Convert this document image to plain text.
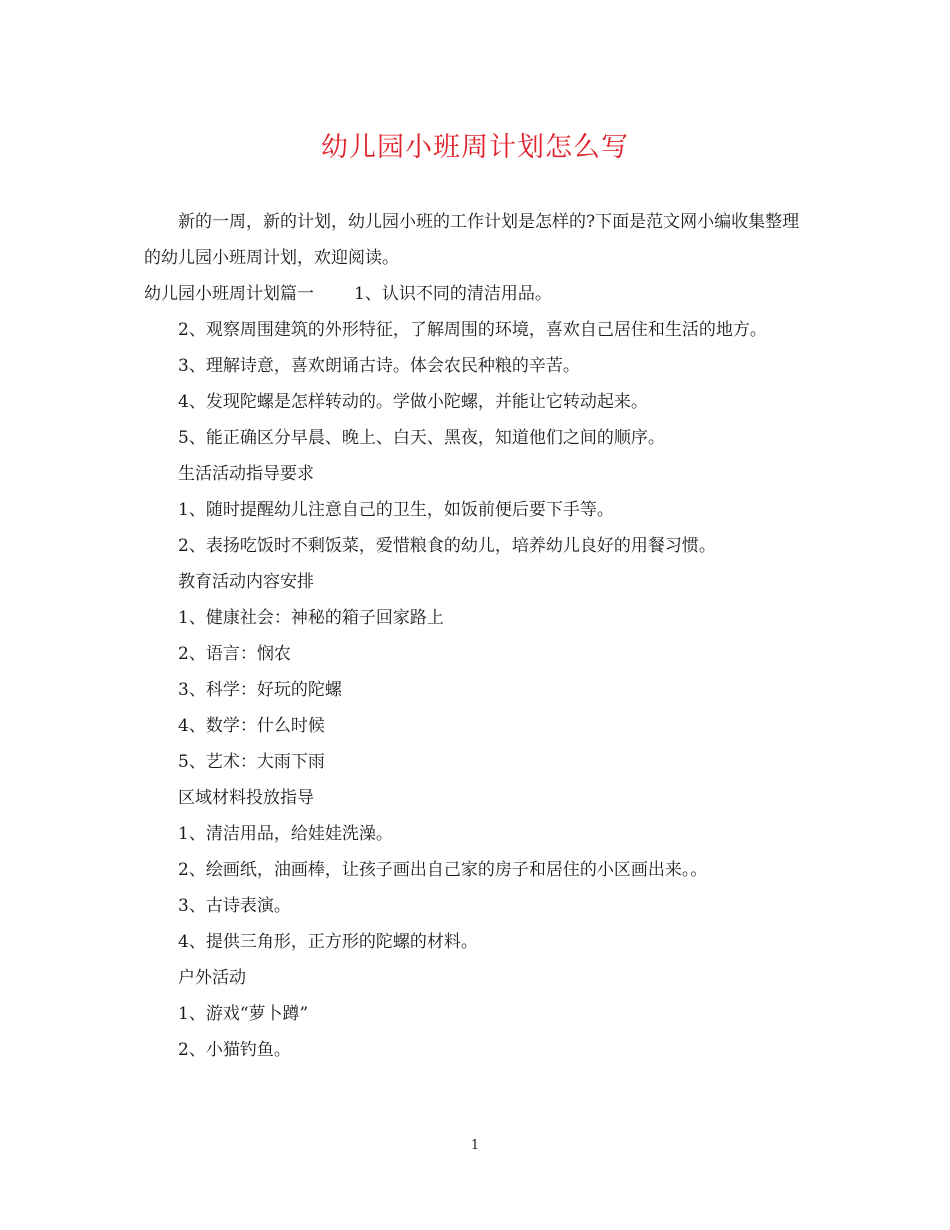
幼儿园小班周计划怎么写

新的一周，新的计划，幼儿园小班的工作计划是怎样的?下面是范文网小编收集整理的幼儿园小班周计划，欢迎阅读。

幼儿园小班周计划篇一 1、认识不同的清洁用品。

2、观察周围建筑的外形特征，了解周围的环境，喜欢自己居住和生活的地方。

3、理解诗意，喜欢朗诵古诗。体会农民种粮的辛苦。

4、发现陀螺是怎样转动的。学做小陀螺，并能让它转动起来。

5、能正确区分早晨、晚上、白天、黑夜，知道他们之间的顺序。

生活活动指导要求

1、随时提醒幼儿注意自己的卫生，如饭前便后要下手等。

2、表扬吃饭时不剩饭菜，爱惜粮食的幼儿，培养幼儿良好的用餐习惯。

教育活动内容安排

1、健康社会：神秘的箱子回家路上

2、语言：悯农

3、科学：好玩的陀螺

4、数学：什么时候

5、艺术：大雨下雨

区域材料投放指导

1、清洁用品，给娃娃洗澡。

2、绘画纸，油画棒，让孩子画出自己家的房子和居住的小区画出来。。

3、古诗表演。

4、提供三角形，正方形的陀螺的材料。

户外活动

1、游戏“萝卜蹲”

2、小猫钓鱼。

1
